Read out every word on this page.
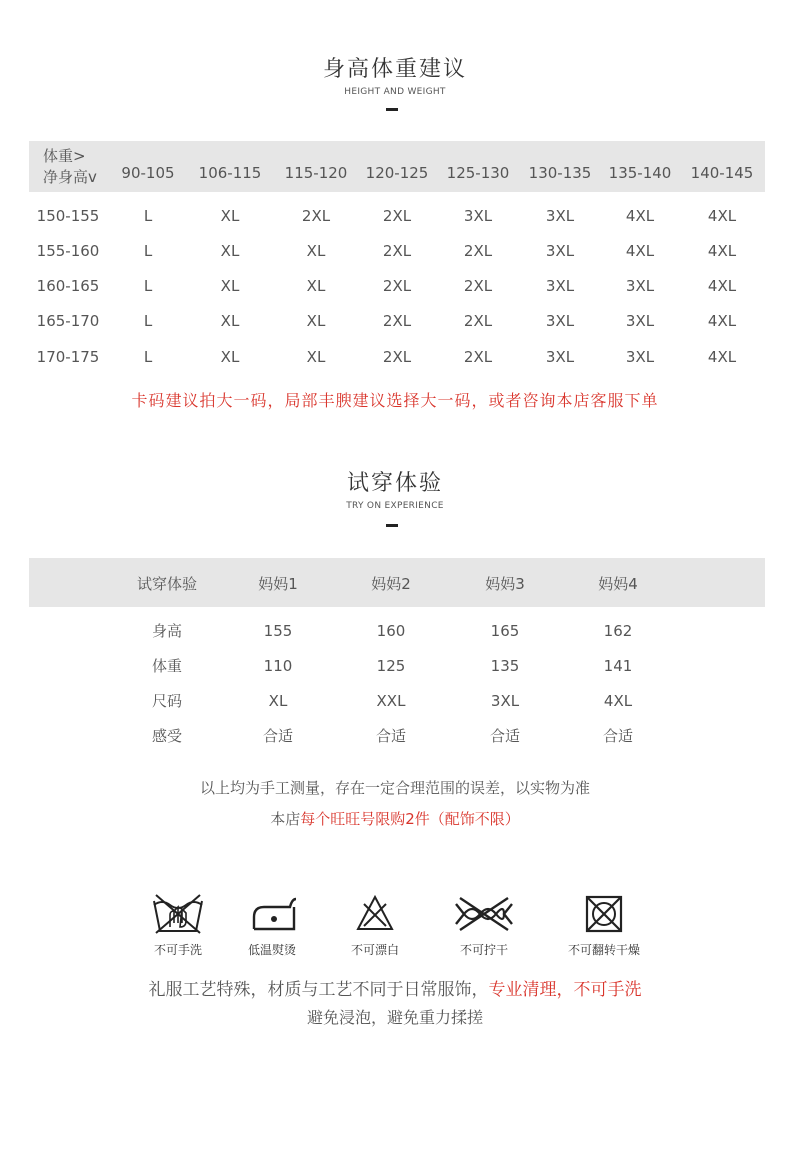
身高体重建议
HEIGHT AND WEIGHT
体重>
净身高v	90-105	106-115	115-120	120-125	125-130	130-135	135-140	140-145
150-155	L	XL	2XL	2XL	3XL	3XL	4XL	4XL
155-160	L	XL	XL	2XL	2XL	3XL	4XL	4XL
160-165	L	XL	XL	2XL	2XL	3XL	3XL	4XL
165-170	L	XL	XL	2XL	2XL	3XL	3XL	4XL
170-175	L	XL	XL	2XL	2XL	3XL	3XL	4XL
卡码建议拍大一码，局部丰腴建议选择大一码，或者咨询本店客服下单
试穿体验
TRY ON EXPERIENCE
试穿体验	妈妈1	妈妈2	妈妈3	妈妈4
身高	155	160	165	162
体重	110	125	135	141
尺码	XL	XXL	3XL	4XL
感受	合适	合适	合适	合适
以上均为手工测量，存在一定合理范围的误差，以实物为准
本店每个旺旺号限购2件（配饰不限）
不可手洗	低温熨烫	不可漂白	不可拧干	不可翻转干燥
礼服工艺特殊，材质与工艺不同于日常服饰，专业清理，不可手洗
避免浸泡，避免重力揉搓
